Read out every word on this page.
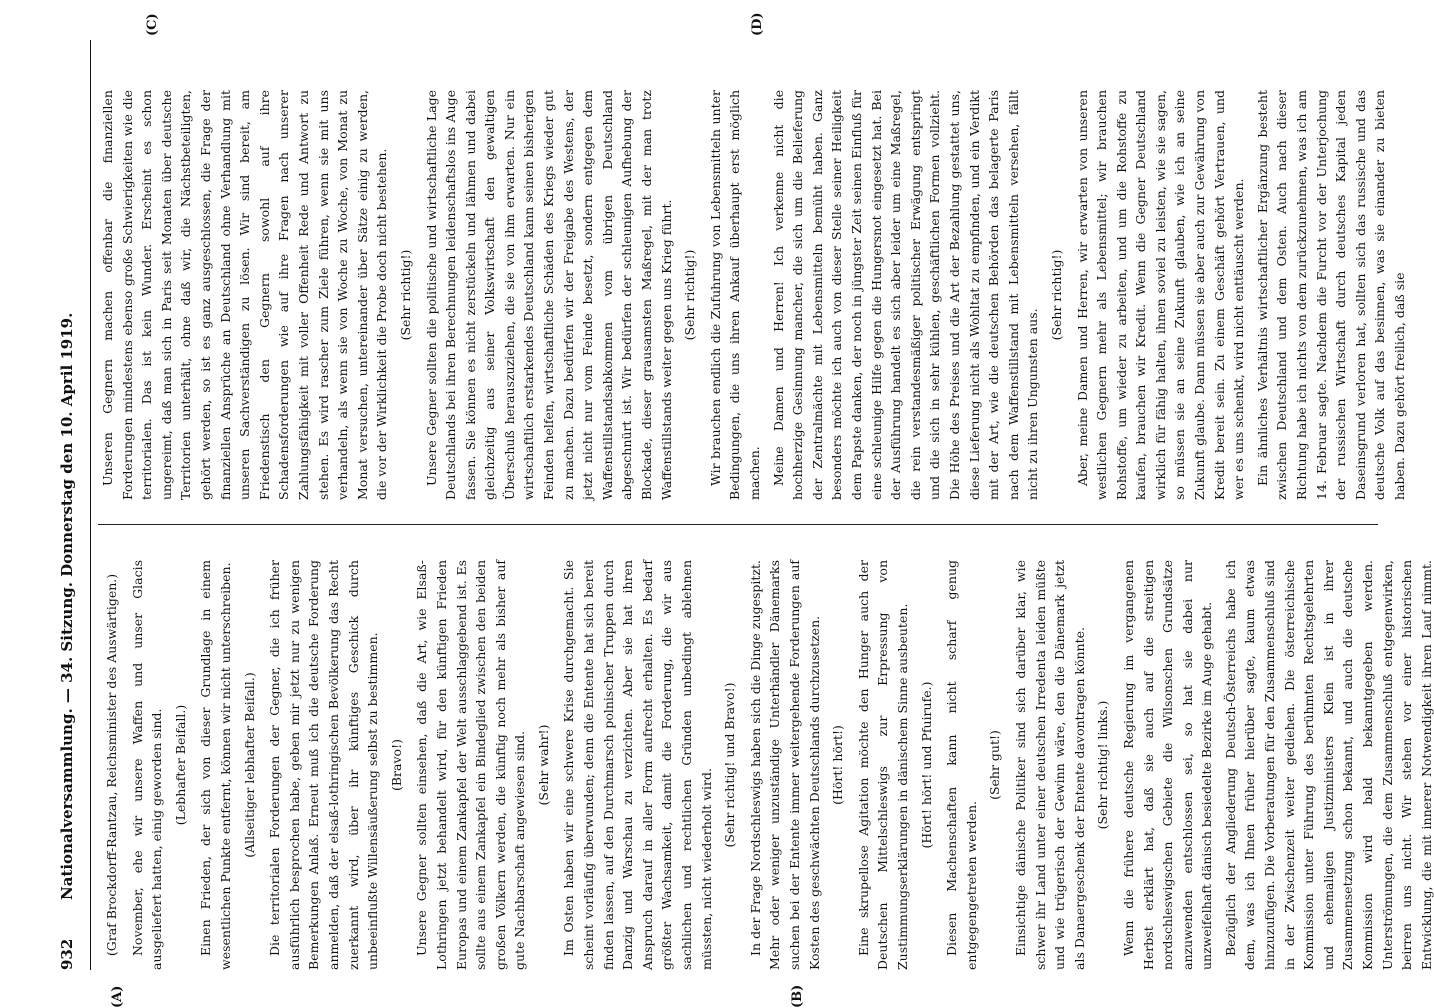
932
Nationalversammlung. — 34. Sitzung. Donnerstag den 10. April 1919. (Graf Brockdorff-Rantzau, Reichsminister des Auswärtigen.) November, ehe wir unsere Waffen und unser Glacis ausgeliefert hatten, einig geworden sind. (Lebhafter Beifall.) Einen Frieden, der sich von dieser Grundlage in einem wesentlichen Punkte entfernt, können wir nicht unterschreiben. (Allseitiger lebhafter Beifall.) Die territorialen Forderungen der Gegner, die ich früher ausführlich besprochen habe, geben mir jetzt nur zu wenigen Bemerkungen Anlaß. Erneut muß ich die deutsche Forderung anmelden, daß der elsaß-lothringischen Bevölkerung das Recht zuerkannt wird, über ihr künftiges Geschick durch unbeeinflußte Willensäußerung selbst zu bestimmen. (Bravo!) Unsere Gegner sollten einsehen, daß die Art, wie Elsaß-Lothringen jetzt behandelt wird, für den künftigen Frieden Europas und einem Zankapfel der Welt ausschlaggebend ist. Es sollte aus einem Zankapfel ein Bindeglied zwischen den beiden großen Völkern werden, die künftig noch mehr als bisher auf gute Nachbarschaft angewiesen sind. (Sehr wahr!) Im Osten haben wir eine schwere Krise durchgemacht. Sie scheint vorläufig überwunden; denn die Entente hat sich bereit finden lassen, auf den Durchmarsch polnischer Truppen durch Danzig und Warschau zu verzichten. Aber sie hat ihren Anspruch darauf in aller Form aufrecht erhalten. Es bedarf größter Wachsamkeit, damit die Forderung, die wir aus sachlichen und rechtlichen Gründen unbedingt ablehnen müssten, nicht wiederholt wird.

(Sehr richtig! und Bravo!) In der Frage Nordschleswigs haben sich die Dinge zugespitzt. Mehr oder weniger unzuständige Unterhändler Dänemarks suchen bei der Entente immer weitergehende Forderungen auf Kosten des geschwächten Deutschlands durchzusetzen. (Hört! hört!) Eine skrupellose Agitation möchte den Hunger auch der Deutschen Mittelschleswigs zur Erpressung von Zustimmungserklärungen in dänischem Sinne ausbeuten. (Hört! hört! und Pfuirufe.) Diesen Machenschaften kann nicht scharf genug entgegengetreten werden.

(Sehr gut!) Einsichtige dänische Politiker sind sich darüber klar, wie schwer ihr Land unter einer deutschen Irredenta leiden müßte und wie trügerisch der Gewinn wäre, den die Dänemark jetzt als Danaergeschenk der Entente davontragen könnte. (Sehr richtig! links.) Wenn die frühere deutsche Regierung im vergangenen Herbst erklärt hat, daß sie auch auf die streitigen nordschleswigschen Gebiete die Wilsonschen Grundsätze anzuwenden entschlossen sei, so hat sie dabei nur unzweifelhaft dänisch besiedelte Bezirke im Auge gehabt. Bezüglich der Angliederung Deutsch-Österreichs habe ich dem, was ich Ihnen früher hierüber sagte, kaum etwas hinzuzufügen. Die Vorberatungen für den Zusammenschluß sind in der Zwischenzeit weiter gediehen. Die österreichische Kommission unter Führung des berühmten Rechtsgelehrten und ehemaligen Justizministers Klein ist in ihrer Zusammensetzung schon bekannt, und auch die deutsche Kommission wird bald bekanntgegeben werden. Unterströmungen, die dem Zusammenschluß entgegenwirken, beirren uns nicht. Wir stehen vor einer historischen Entwicklung, die mit innerer Notwendigkeit ihren Lauf nimmt.

Unseren Gegnern machen offenbar die finanziellen Forderungen mindestens ebenso große Schwierigkeiten wie die territorialen. Das ist kein Wunder. Erscheint es schon ungereimt, daß man sich in Paris seit Monaten über deutsche Territorien unterhält, ohne daß wir, die Nächstbeteiligten, gehört werden, so ist es ganz ausgeschlossen, die Frage der finanziellen Ansprüche an Deutschland ohne Verhandlung mit unseren Sachverständigen zu lösen. Wir sind bereit, am Friedenstisch den Gegnern sowohl auf ihre Schadensforderungen wie auf ihre Fragen nach unserer Zahlungsfähigkeit mit voller Offenheit Rede und Antwort zu stehen. Es wird rascher zum Ziele führen, wenn sie mit uns verhandeln, als wenn sie von Woche zu Woche, von Monat zu Monat versuchen, untereinander über Sätze einig zu werden, die vor der Wirklichkeit die Probe doch nicht bestehen. (Sehr richtig!) Unsere Gegner sollten die politische und wirtschaftliche Lage Deutschlands bei ihren Berechnungen leidenschaftslos ins Auge fassen. Sie können es nicht zerstückeln und lähmen und dabei gleichzeitig aus seiner Volkswirtschaft den gewaltigen Überschuß herauszuziehen, die sie von ihm erwarten. Nur ein wirtschaftlich erstarkendes Deutschland kann seinen bisherigen Feinden helfen, wirtschaftliche Schäden des Kriegs wieder gut zu machen. Dazu bedürfen wir der Freigabe des Westens, der jetzt nicht nur vom Feinde besetzt, sondern entgegen dem Waffenstillstandsabkommen vom übrigen Deutschland abgeschnürt ist. Wir bedürfen der schleunigen Aufhebung der Blockade, dieser grausamsten Maßregel, mit der man trotz Waffenstillstands weiter gegen uns Krieg führt. (Sehr richtig!) Wir brauchen endlich die Zufuhrung von Lebensmitteln unter Bedingungen, die uns ihren Ankauf überhaupt erst möglich machen. Meine Damen und Herren! Ich verkenne nicht die hochherzige Gesinnung mancher, die sich um die Belieferung der Zentralmächte mit Lebensmitteln bemüht haben. Ganz besonders möchte ich auch von dieser Stelle seiner Heiligkeit dem Papste danken, der noch in jüngster Zeit seinen Einfluß für eine schleunige Hilfe gegen die Hungersnot eingesetzt hat. Bei der Ausführung handelt es sich aber leider um eine Maßregel, die rein verstandesmäßiger politischer Erwägung entspringt und die sich in sehr kühlen, geschäftlichen Formen vollzieht. Die Höhe des Preises und die Art der Bezahlung gestattet uns, diese Lieferung nicht als Wohltat zu empfinden, und ein Verdikt mit der Art, wie die deutschen Behörden das belagerte Paris nach dem Waffenstillstand mit Lebensmitteln versehen, fällt nicht zu ihren Ungunsten aus.

(Sehr richtig!) Aber, meine Damen und Herren, wir erwarten von unseren westlichen Gegnern mehr als Lebensmittel; wir brauchen Rohstoffe, um wieder zu arbeiten, und um die Rohstoffe zu kaufen, brauchen wir Kredit. Wenn die Gegner Deutschland wirklich für fähig halten, ihnen soviel zu leisten, wie sie sagen, so müssen sie an seine Zukunft glauben, wie ich an seine Zukunft glaube. Dann müssen sie aber auch zur Gewährung von Kredit bereit sein. Zu einem Geschäft gehört Vertrauen, und wer es uns schenkt, wird nicht enttäuscht werden. Ein ähnliches Verhältnis wirtschaftlicher Ergänzung besteht zwischen Deutschland und dem Osten. Auch nach dieser Richtung habe ich nichts von dem zurückzunehmen, was ich am 14. Februar sagte. Nachdem die Furcht vor der Unterjochung der russischen Wirtschaft durch deutsches Kapital jeden Daseinsgrund verloren hat, sollten sich das russische und das deutsche Volk auf das besinnen, was sie einander zu bieten haben. Dazu gehört freilich, daß sie

(A)	(B)
(C)	(D)
